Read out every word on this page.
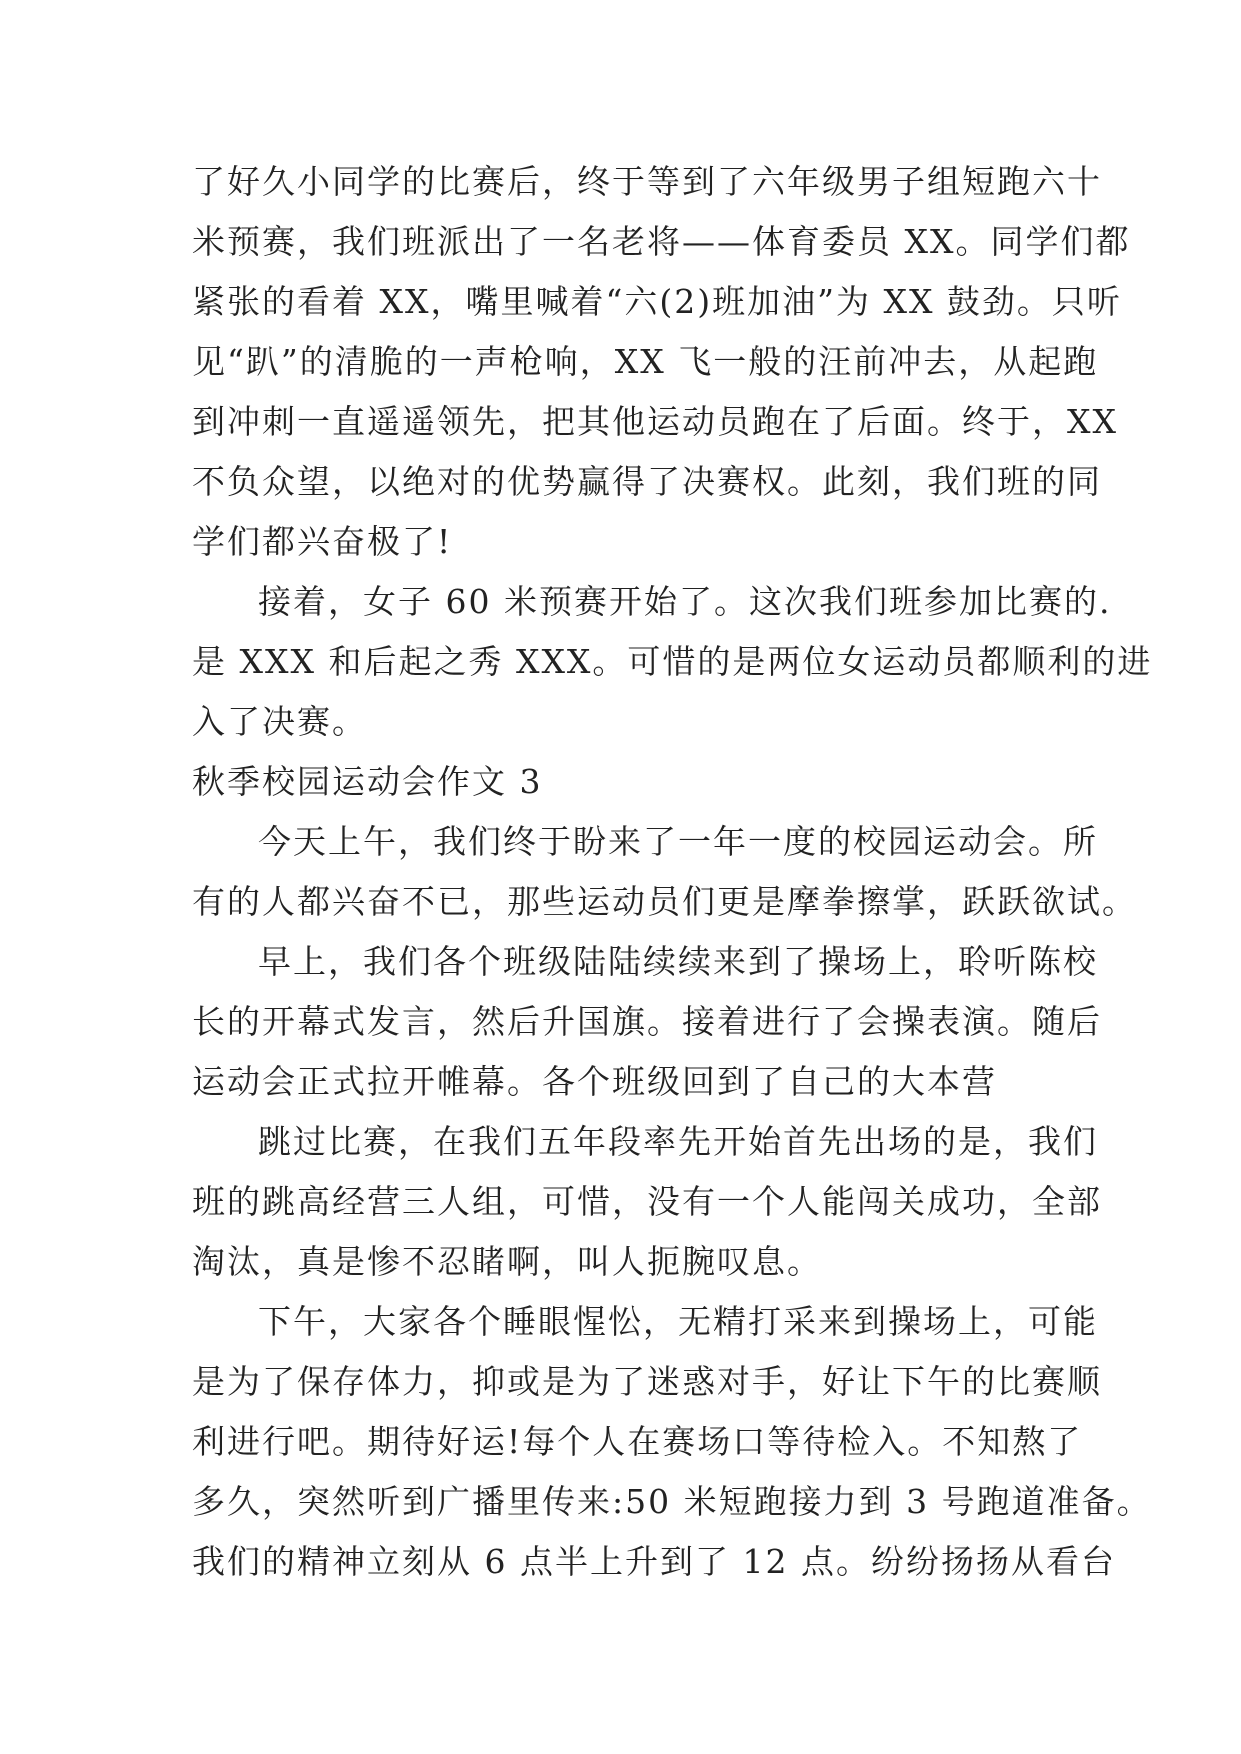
了好久小同学的比赛后，终于等到了六年级男子组短跑六十
米预赛，我们班派出了一名老将——体育委员 XX。同学们都
紧张的看着 XX，嘴里喊着“六(2)班加油”为 XX 鼓劲。只听
见“趴”的清脆的一声枪响，XX 飞一般的汪前冲去，从起跑
到冲刺一直遥遥领先，把其他运动员跑在了后面。终于，XX
不负众望，以绝对的优势赢得了决赛权。此刻，我们班的同
学们都兴奋极了!

接着，女子 60 米预赛开始了。这次我们班参加比赛的.
是 XXX 和后起之秀 XXX。可惜的是两位女运动员都顺利的进
入了决赛。

秋季校园运动会作文 3

今天上午，我们终于盼来了一年一度的校园运动会。所
有的人都兴奋不已，那些运动员们更是摩拳擦掌，跃跃欲试。

早上，我们各个班级陆陆续续来到了操场上，聆听陈校
长的开幕式发言，然后升国旗。接着进行了会操表演。随后
运动会正式拉开帷幕。各个班级回到了自己的大本营

跳过比赛，在我们五年段率先开始首先出场的是，我们
班的跳高经营三人组，可惜，没有一个人能闯关成功，全部
淘汰，真是惨不忍睹啊，叫人扼腕叹息。

下午，大家各个睡眼惺忪，无精打采来到操场上，可能
是为了保存体力，抑或是为了迷惑对手，好让下午的比赛顺
利进行吧。期待好运!每个人在赛场口等待检入。不知熬了
多久，突然听到广播里传来:50 米短跑接力到 3 号跑道准备。
我们的精神立刻从 6 点半上升到了 12 点。纷纷扬扬从看台
